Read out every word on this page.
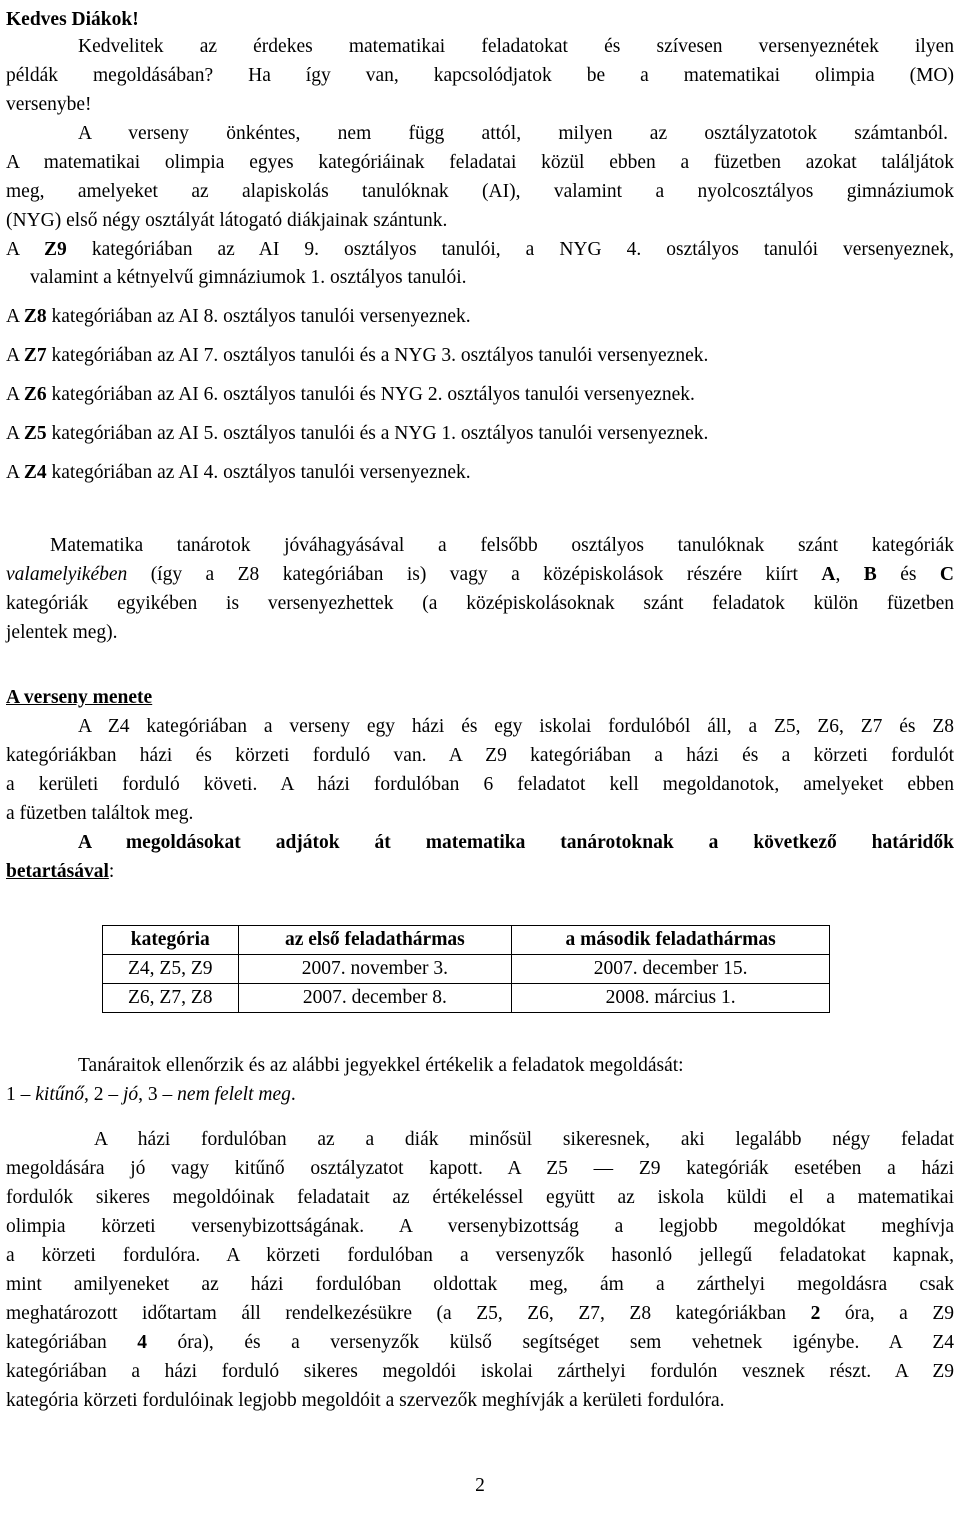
Kedves Diákok!
Kedvelitek az érdekes matematikai feladatokat és szívesen versenyeznétek ilyen
példák megoldásában? Ha így van, kapcsolódjatok be a matematikai olimpia (MO)
versenybe!
A verseny önkéntes, nem függ attól, milyen az osztályzatotok számtanból.
A matematikai olimpia egyes kategóriáinak feladatai közül ebben a füzetben azokat találjátok
meg, amelyeket az alapiskolás tanulóknak (AI), valamint a nyolcosztályos gimnáziumok
(NYG) első négy osztályát látogató diákjainak szántunk.
A Z9 kategóriában az AI 9. osztályos tanulói, a NYG 4. osztályos tanulói versenyeznek,
valamint a kétnyelvű gimnáziumok 1. osztályos tanulói.
A Z8 kategóriában az AI 8. osztályos tanulói versenyeznek.
A Z7 kategóriában az AI 7. osztályos tanulói és a NYG 3. osztályos tanulói versenyeznek.
A Z6 kategóriában az AI 6. osztályos tanulói és NYG 2. osztályos tanulói versenyeznek.
A Z5 kategóriában az AI 5. osztályos tanulói és a NYG 1. osztályos tanulói versenyeznek.
A Z4 kategóriában az AI 4. osztályos tanulói versenyeznek.
Matematika tanárotok jóváhagyásával a felsőbb osztályos tanulóknak szánt kategóriák
valamelyikében (így a Z8 kategóriában is) vagy a középiskolások részére kiírt A, B és C
kategóriák egyikében is versenyezhettek (a középiskolásoknak szánt feladatok külön füzetben
jelentek meg).
A verseny menete
A Z4 kategóriában a verseny egy házi és egy iskolai fordulóból áll, a Z5, Z6, Z7 és Z8
kategóriákban házi és körzeti forduló van. A Z9 kategóriában a házi és a körzeti fordulót
a kerületi forduló követi. A házi fordulóban 6 feladatot kell megoldanotok, amelyeket ebben
a füzetben találtok meg.
A megoldásokat adjátok át matematika tanárotoknak a következő határidők
betartásával:
kategória	az első feladathármas	a második feladathármas
Z4, Z5, Z9	2007. november 3.	2007. december 15.
Z6, Z7, Z8	2007. december 8.	2008. március 1.
Tanáraitok ellenőrzik és az alábbi jegyekkel értékelik a feladatok megoldását:
1 – kitűnő, 2 – jó, 3 – nem felelt meg.
A házi fordulóban az a diák minősül sikeresnek, aki legalább négy feladat
megoldására jó vagy kitűnő osztályzatot kapott. A Z5 — Z9 kategóriák esetében a házi
fordulók sikeres megoldóinak feladatait az értékeléssel együtt az iskola küldi el a matematikai
olimpia körzeti versenybizottságának. A versenybizottság a legjobb megoldókat meghívja
a körzeti fordulóra. A körzeti fordulóban a versenyzők hasonló jellegű feladatokat kapnak,
mint amilyeneket az házi fordulóban oldottak meg, ám a zárthelyi megoldásra csak
meghatározott időtartam áll rendelkezésükre (a Z5, Z6, Z7, Z8 kategóriákban 2 óra, a Z9
kategóriában 4 óra), és a versenyzők külső segítséget sem vehetnek igénybe. A Z4
kategóriában a házi forduló sikeres megoldói iskolai zárthelyi fordulón vesznek részt. A Z9
kategória körzeti fordulóinak legjobb megoldóit a szervezők meghívják a kerületi fordulóra.
2
